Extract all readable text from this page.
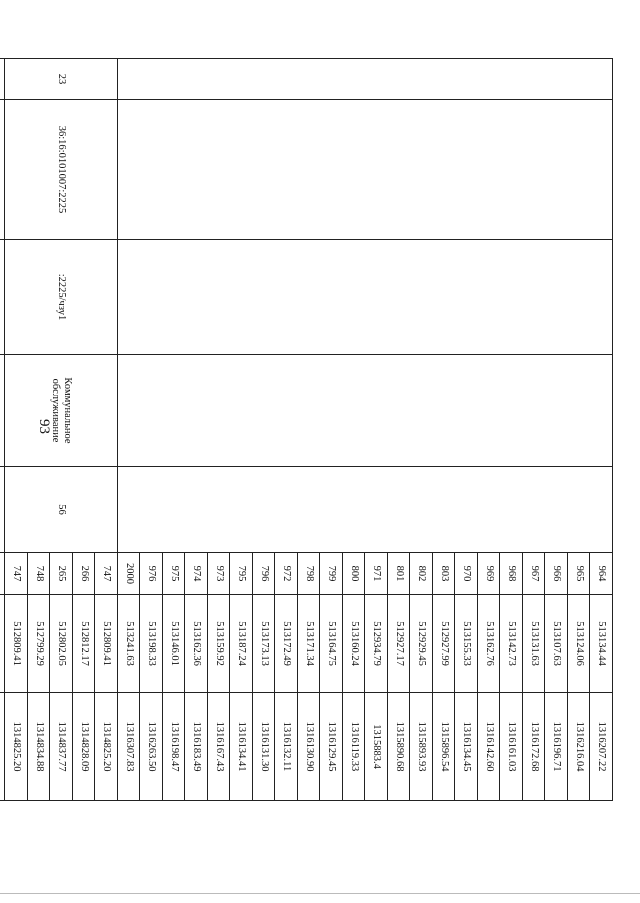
93
					964	513134.44	1316207.22
					965	513124.06	1316216.04
					966	513107.63	1316196.71
					967	513131.63	1316172.68
					968	513142.73	1316161.03
					969	513162.76	1316142.60
					970	513155.33	1316134.45
					803	512927.99	1315896.54
					802	512929.45	1315893.93
					801	512927.17	1315890.68
					971	512934.79	1315883.4
					800	513160.24	1316119.33
					799	513164.75	1316129.45
					798	513171.34	1316130.90
					972	513172.49	1316132.11
					796	513173.13	1316131.30
					795	513187.24	1316134.41
					973	513159.92	1316167.43
					974	513162.36	1316183.49
					975	513146.01	1316198.47
					976	513198.33	1316263.50
					2000	513241.63	1316307.83
23	36:16:0101007:2225	:2225/чзу1	Коммунальное обслуживание	56	747	512809.41	1314825.20
					266	512812.17	1314828.09
					265	512802.05	1314837.77
					748	512799.29	1314834.88
					747	512809.41	1314825.20
